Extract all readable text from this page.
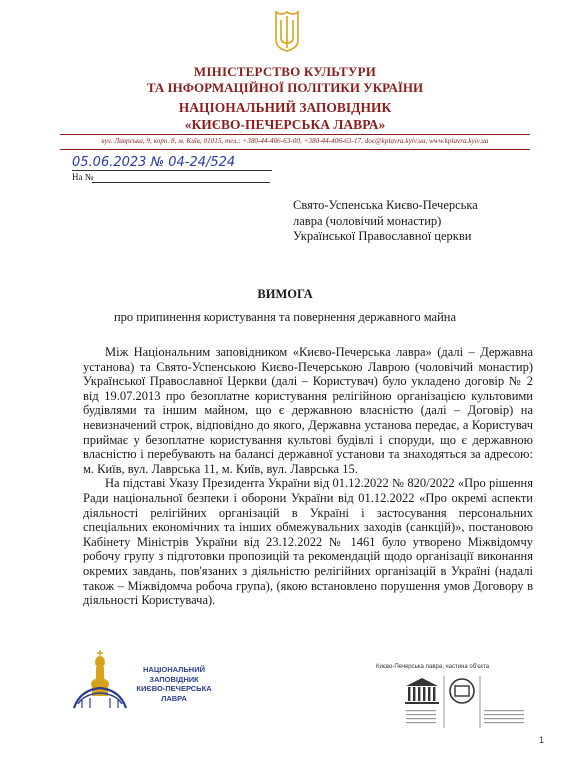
МІНІСТЕРСТВО КУЛЬТУРИ
ТА ІНФОРМАЦІЙНОЇ ПОЛІТИКИ УКРАЇНИ
НАЦІОНАЛЬНИЙ ЗАПОВІДНИК
«КИЄВО-ПЕЧЕРСЬКА ЛАВРА»
вул. Лаврська, 9, корп. 8, м. Київ, 01015, тел.: +380-44-406-63-00, +380-44-406-63-17, doc@kplavra.kyiv.ua, www.kplavra.kyiv.ua
05.06.2023 № 04-24/524
На №
Свято-Успенська Києво-Печерська
лавра (чоловічий монастир)
Української Православної церкви
ВИМОГА
про припинення користування та повернення державного майна

Між Національним заповідником «Києво-Печерська лавра» (далі – Державна установа) та Свято-Успенською Києво-Печерською Лаврою (чоловічий монастир) Української Православної Церкви (далі – Користувач) було укладено договір № 2 від 19.07.2013 про безоплатне користування релігійною організацією культовими будівлями та іншим майном, що є державною власністю (далі – Договір) на невизначений строк, відповідно до якого, Державна установа передає, а Користувач приймає у безоплатне користування культові будівлі і споруди, що є державною власністю і перебувають на балансі державної установи та знаходяться за адресою: м. Київ, вул. Лаврська 11, м. Київ, вул. Лаврська 15.

На підставі Указу Президента України від 01.12.2022 № 820/2022 «Про рішення Ради національної безпеки і оборони України від 01.12.2022 «Про окремі аспекти діяльності релігійних організацій в Україні і застосування персональних спеціальних економічних та інших обмежувальних заходів (санкцій)», постановою Кабінету Міністрів України від 23.12.2022 № 1461 було утворено Міжвідомчу робочу групу з підготовки пропозицій та рекомендацій щодо організації виконання окремих завдань, пов'язаних з діяльністю релігійних організацій в Україні (надалі також – Міжвідомча робоча група), (якою встановлено порушення умов Договору в діяльності Користувача).

НАЦІОНАЛЬНИЙ
ЗАПОВІДНИК
КИЄВО-ПЕЧЕРСЬКА
ЛАВРА
Києво-Печерська лавра, частина об'єкта
1
